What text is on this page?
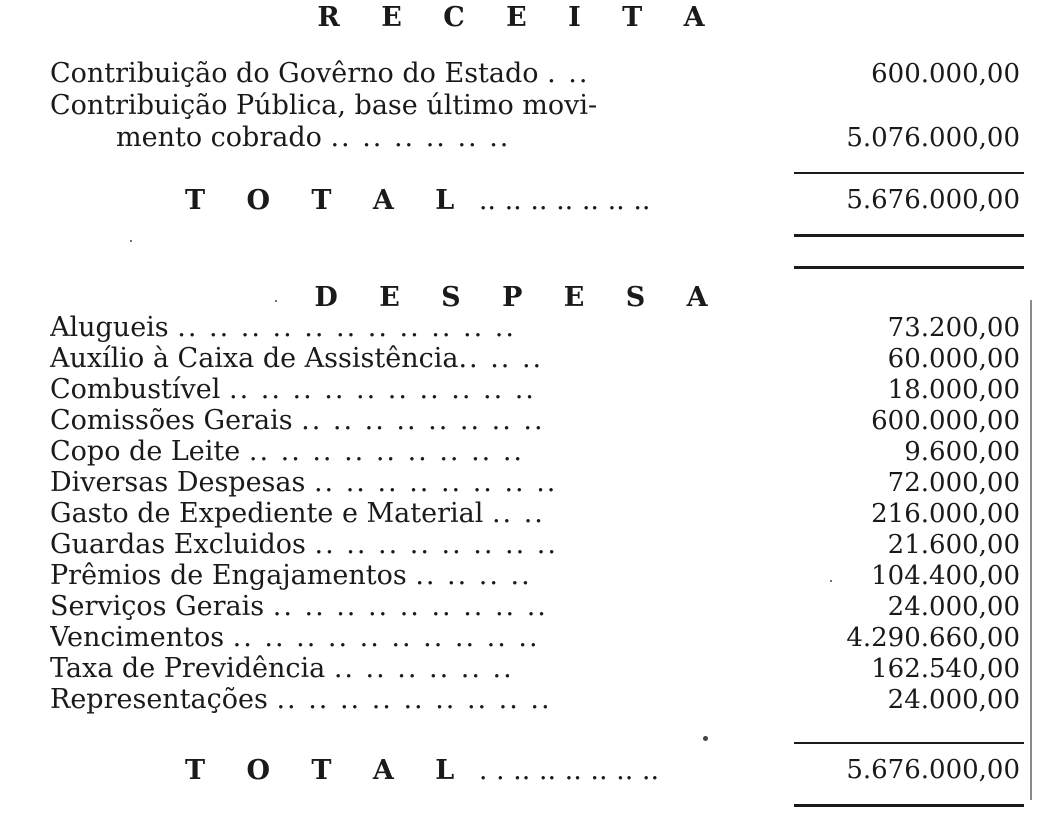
R E C E I T A
Contribuição do Govêrno do Estado . ..	600.000,00
Contribuição Pública, base último movi-
mento cobrado .. .. .. .. .. ..	5.076.000,00
T O T A L .. .. .. .. .. .. ..	5.676.000,00
D E S P E S A
Alugueis .. .. .. .. .. .. .. .. .. .. ..	73.200,00
Auxílio à Caixa de Assistência.. .. ..	60.000,00
Combustível .. .. .. .. .. .. .. .. .. ..	18.000,00
Comissões Gerais .. .. .. .. .. .. .. ..	600.000,00
Copo de Leite .. .. .. .. .. .. .. .. ..	9.600,00
Diversas Despesas .. .. .. .. .. .. .. ..	72.000,00
Gasto de Expediente e Material .. ..	216.000,00
Guardas Excluidos .. .. .. .. .. .. .. ..	21.600,00
Prêmios de Engajamentos .. .. .. ..	104.400,00
Serviços Gerais .. .. .. .. .. .. .. .. ..	24.000,00
Vencimentos .. .. .. .. .. .. .. .. .. ..	4.290.660,00
Taxa de Previdência .. .. .. .. .. ..	162.540,00
Representações .. .. .. .. .. .. .. .. ..	24.000,00
T O T A L . . .. .. .. .. .. ..	5.676.000,00
